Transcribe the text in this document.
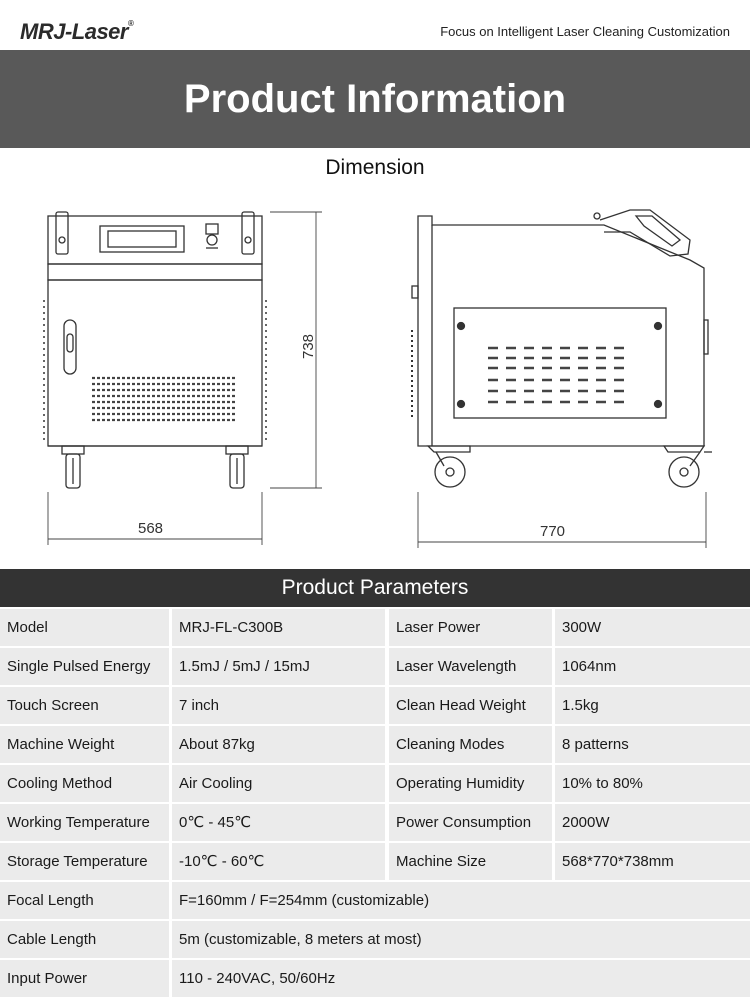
MRJ-Laser®
Focus on Intelligent Laser Cleaning Customization
Product Information
Dimension
568
738
770
Product Parameters
Model	MRJ-FL-C300B	Laser Power	300W
Single Pulsed Energy	1.5mJ / 5mJ / 15mJ	Laser Wavelength	1064nm
Touch Screen	7 inch	Clean Head Weight	1.5kg
Machine Weight	About 87kg	Cleaning Modes	8 patterns
Cooling Method	Air Cooling	Operating Humidity	10% to 80%
Working Temperature	0℃ - 45℃	Power Consumption	2000W
Storage Temperature	-10℃ - 60℃	Machine Size	568*770*738mm
Focal Length	F=160mm / F=254mm (customizable)
Cable Length	5m (customizable, 8 meters at most)
Input Power	110 - 240VAC, 50/60Hz
